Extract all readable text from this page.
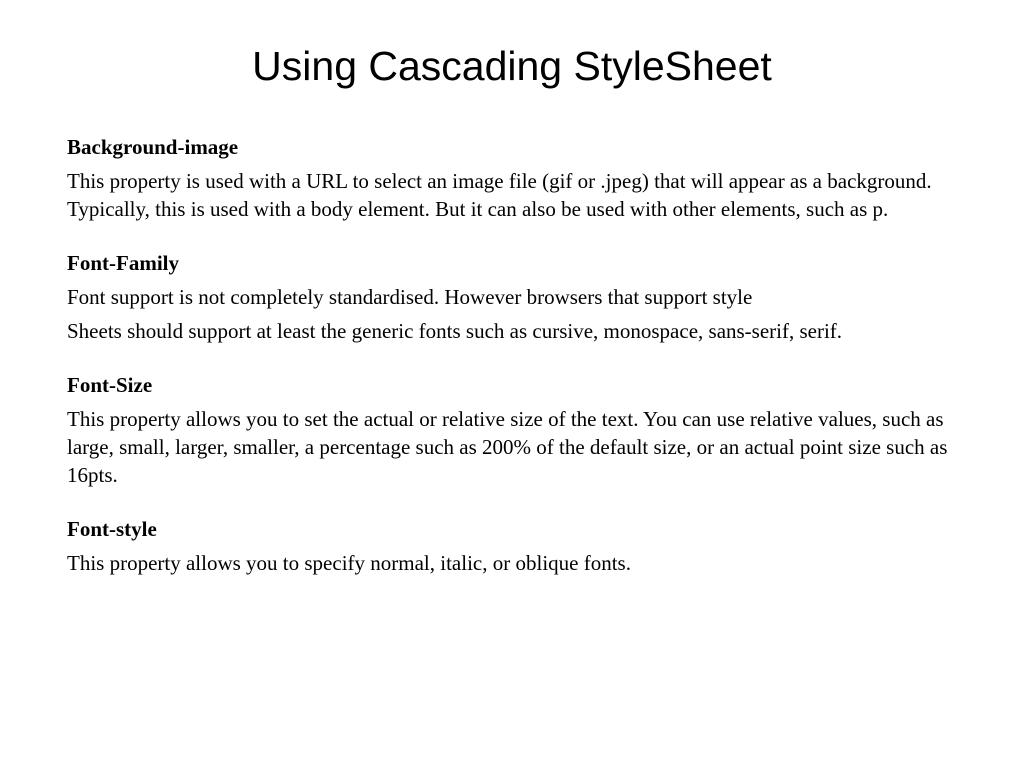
Using Cascading StyleSheet

Background-image

This property is used with a URL to select an image file (gif or .jpeg) that will appear as a background. Typically, this is used with a body element. But it can also be used with other elements, such as p.

Font-Family

Font support is not completely standardised. However browsers that support style

Sheets should support at least the generic fonts such as cursive, monospace, sans-serif, serif.

Font-Size

This property allows you to set the actual or relative size of the text. You can use relative values, such as large, small, larger, smaller, a percentage such as 200% of the default size, or an actual point size such as 16pts.

Font-style

This property allows you to specify normal, italic, or oblique fonts.
